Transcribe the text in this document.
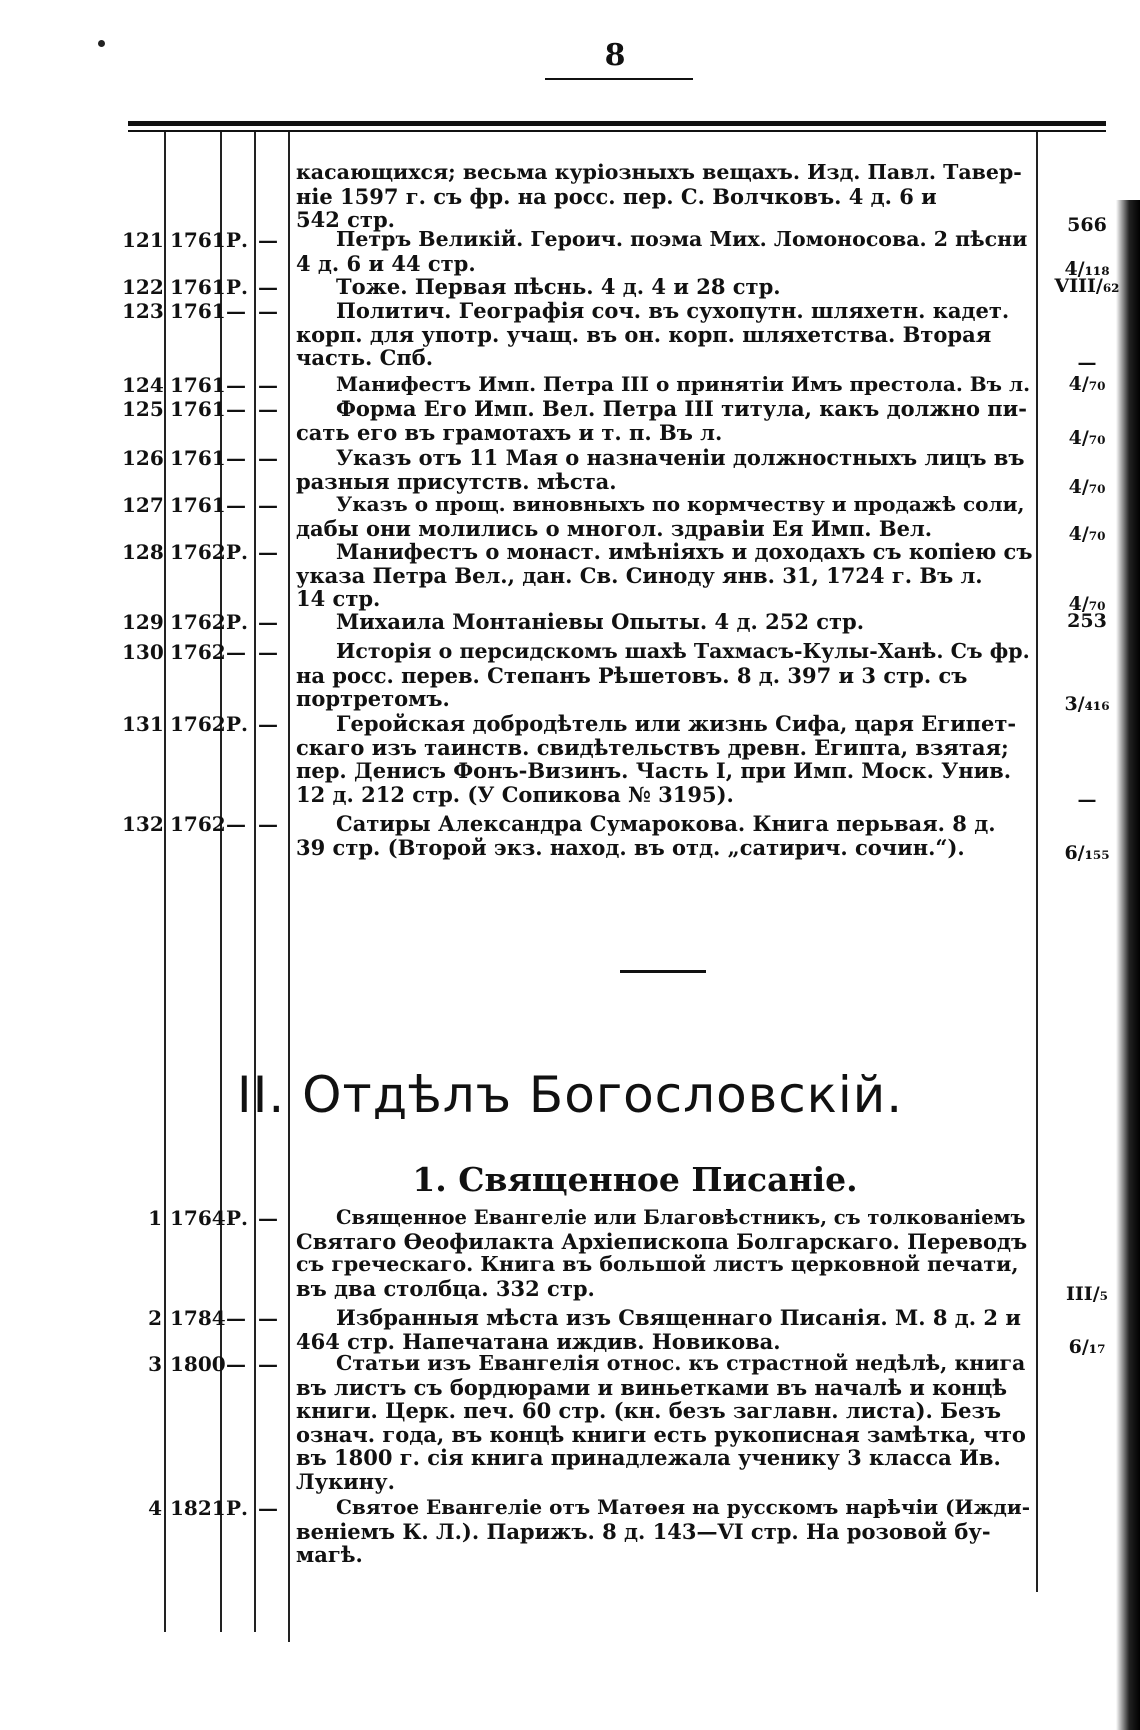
8
II. Отдѣлъ Богословскій.
1. Священное Писаніе.
касающихся; весьма куріозныхъ вещахъ. Изд. Павл. Тавер-
ніе 1597 г. съ фр. на росс. пер. С. Волчковъ. 4 д. 6 и
542 стр.	566
121 1761 Р. —	Петръ Великій. Героич. поэма Мих. Ломоносова. 2 пѣсни
4 д. 6 и 44 стр.	4/₁₁₈
122 1761 Р. —	Тоже. Первая пѣснь. 4 д. 4 и 28 стр.	VIII/₆₂
123 1761 — —	Политич. Географія соч. въ сухопутн. шляхетн. кадет.
корп. для употр. учащ. въ он. корп. шляхетства. Вторая
часть. Спб.	—
124 1761 — —	Манифестъ Имп. Петра III о принятіи Имъ престола. Въ л.	4/₇₀
125 1761 — —	Форма Его Имп. Вел. Петра III титула, какъ должно пи-
сать его въ грамотахъ и т. п. Въ л.	4/₇₀
126 1761 — —	Указъ отъ 11 Мая о назначеніи должностныхъ лицъ въ
разныя присутств. мѣста.	4/₇₀
127 1761 — —	Указъ о прощ. виновныхъ по кормчеству и продажѣ соли,
дабы они молились о многол. здравіи Ея Имп. Вел.	4/₇₀
128 1762 Р. —	Манифестъ о монаст. имѣніяхъ и доходахъ съ копіею съ
указа Петра Вел., дан. Св. Синоду янв. 31, 1724 г. Въ л.
14 стр.	4/₇₀
129 1762 Р. —	Михаила Монтаніевы Опыты. 4 д. 252 стр.	253
130 1762 — —	Исторія о персидскомъ шахѣ Тахмасъ-Кулы-Ханѣ. Съ фр.
на росс. перев. Степанъ Рѣшетовъ. 8 д. 397 и 3 стр. съ
портретомъ.	3/₄₁₆
131 1762 Р. —	Геройская добродѣтель или жизнь Сифа, царя Египет-
скаго изъ таинств. свидѣтельствъ древн. Египта, взятая;
пер. Денисъ Фонъ-Визинъ. Часть I, при Имп. Моск. Унив.
12 д. 212 стр. (У Сопикова № 3195).	—
132 1762 — —	Сатиры Александра Сумарокова. Книга перьвая. 8 д.
39 стр. (Второй экз. наход. въ отд. „сатирич. сочин.“).	6/₁₅₅
1 1764 Р. —	Священное Евангеліе или Благовѣстникъ, съ толкованіемъ
Святаго Ѳеофилакта Архіепископа Болгарскаго. Переводъ
съ греческаго. Книга въ большой листъ церковной печати,
въ два столбца. 332 стр.	III/₅
2 1784 — —	Избранныя мѣста изъ Священнаго Писанія. М. 8 д. 2 и
464 стр. Напечатана иждив. Новикова.	6/₁₇
3 1800 — —	Статьи изъ Евангелія относ. къ страстной недѣлѣ, книга
въ листъ съ бордюрами и виньетками въ началѣ и концѣ
книги. Церк. печ. 60 стр. (кн. безъ заглавн. листа). Безъ
означ. года, въ концѣ книги есть рукописная замѣтка, что
въ 1800 г. сія книга принадлежала ученику 3 класса Ив.
Лукину.
4 1821 Р. —	Святое Евангеліе отъ Матѳея на русскомъ нарѣчіи (Ижди-
веніемъ К. Л.). Парижъ. 8 д. 143—VI стр. На розовой бу-
магѣ.
